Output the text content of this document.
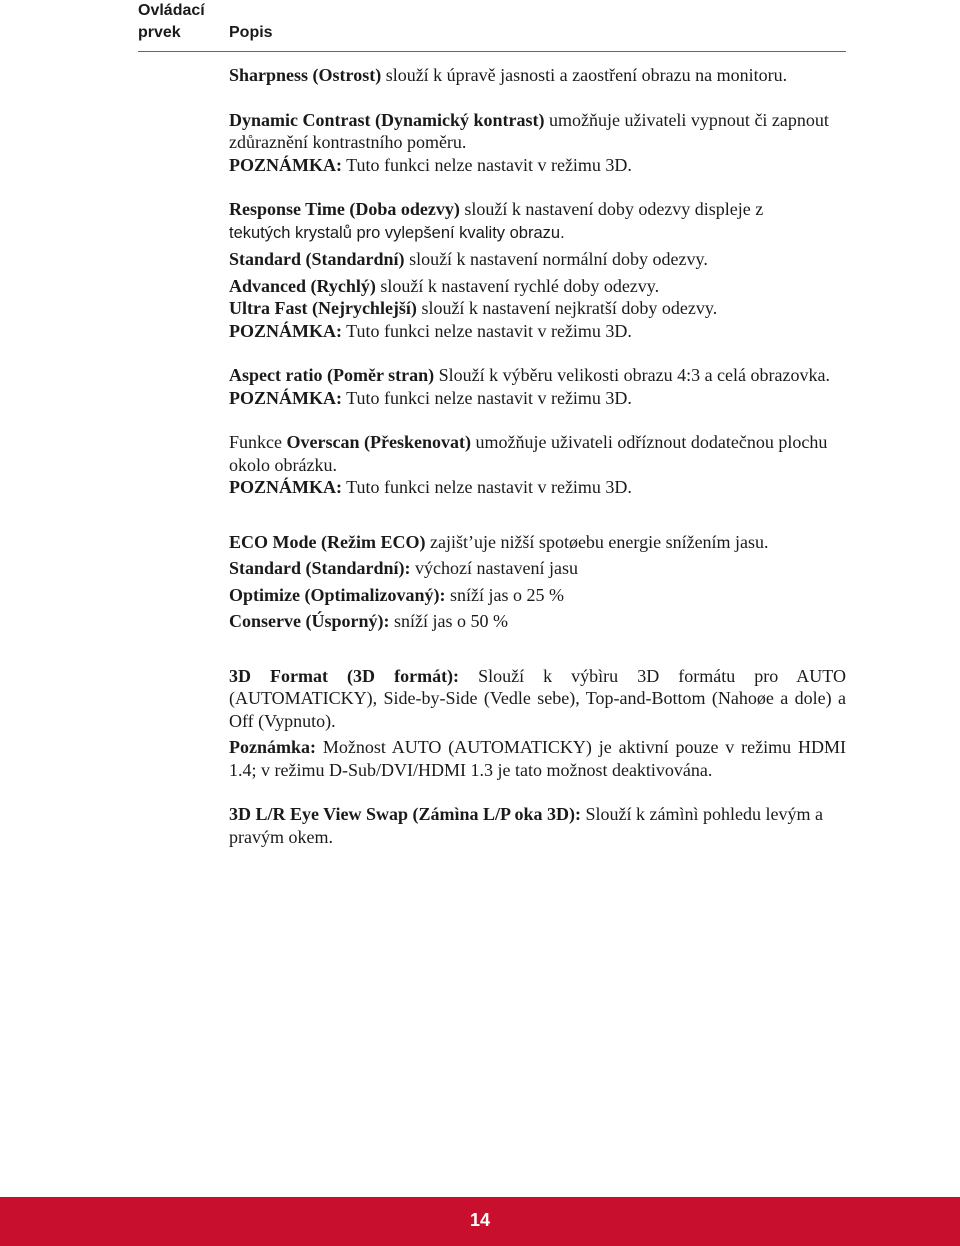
Ovládací
prvek	Popis

Sharpness (Ostrost) slouží k úpravě jasnosti a zaostření obrazu na monitoru.

Dynamic Contrast (Dynamický kontrast) umožňuje uživateli vypnout či zapnout zdůraznění kontrastního poměru.

POZNÁMKA: Tuto funkci nelze nastavit v režimu 3D.

Response Time (Doba odezvy) slouží k nastavení doby odezvy displeje z
tekutých krystalů pro vylepšení kvality obrazu.

Standard (Standardní) slouží k nastavení normální doby odezvy.

Advanced (Rychlý) slouží k nastavení rychlé doby odezvy.

Ultra Fast (Nejrychlejší) slouží k nastavení nejkratší doby odezvy.

POZNÁMKA: Tuto funkci nelze nastavit v režimu 3D.

Aspect ratio (Poměr stran) Slouží k výběru velikosti obrazu 4:3 a celá obrazovka.

POZNÁMKA: Tuto funkci nelze nastavit v režimu 3D.

Funkce Overscan (Přeskenovat) umožňuje uživateli odříznout dodatečnou plochu okolo obrázku.

POZNÁMKA: Tuto funkci nelze nastavit v režimu 3D.

ECO Mode (Režim ECO) zajišt’uje nižší spotøebu energie snížením jasu.

Standard (Standardní): výchozí nastavení jasu

Optimize (Optimalizovaný): sníží jas o 25 %

Conserve (Úsporný): sníží jas o 50 %

3D Format (3D formát): Slouží k výbìru 3D formátu pro AUTO (AUTOMATICKY), Side-by-Side (Vedle sebe), Top-and-Bottom (Nahoøe a dole) a Off (Vypnuto).

Poznámka: Možnost AUTO (AUTOMATICKY) je aktivní pouze v režimu HDMI 1.4; v režimu D-Sub/DVI/HDMI 1.3 je tato možnost deaktivována.

3D L/R Eye View Swap (Zámìna L/P oka 3D): Slouží k zámìnì pohledu levým a pravým okem.

14
